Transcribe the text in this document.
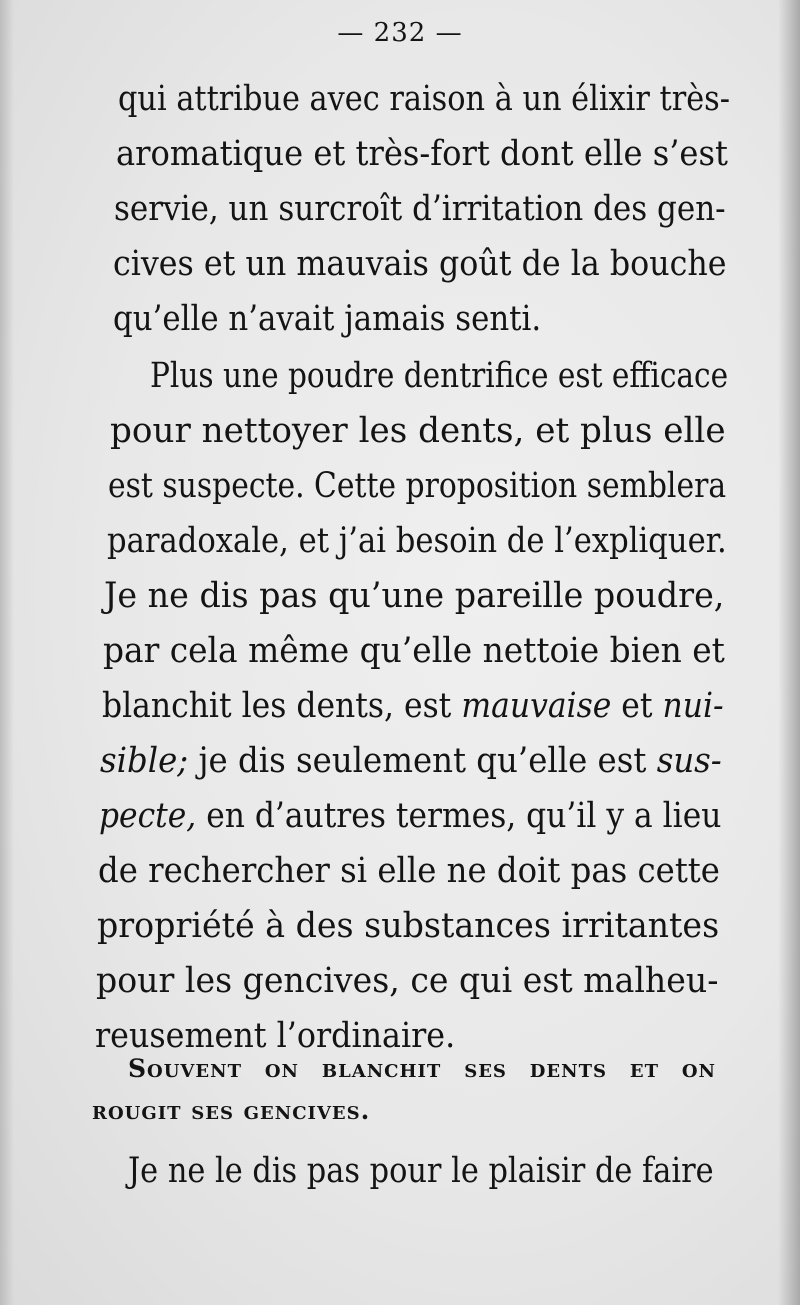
— 232 —
qui attribue avec raison à un élixir très-
aromatique et très-fort dont elle s’est
servie, un surcroît d’irritation des gen-
cives et un mauvais goût de la bouche
qu’elle n’avait jamais senti.
Plus une poudre dentrifice est efficace
pour nettoyer les dents, et plus elle
est suspecte. Cette proposition semblera
paradoxale, et j’ai besoin de l’expliquer.
Je ne dis pas qu’une pareille poudre,
par cela même qu’elle nettoie bien et
blanchit les dents, est mauvaise et nui-
sible; je dis seulement qu’elle est sus-
pecte, en d’autres termes, qu’il y a lieu
de rechercher si elle ne doit pas cette
propriété à des substances irritantes
pour les gencives, ce qui est malheu-
reusement l’ordinaire.
Souvent on blanchit ses dents et on
rougit ses gencives.
Je ne le dis pas pour le plaisir de faire
